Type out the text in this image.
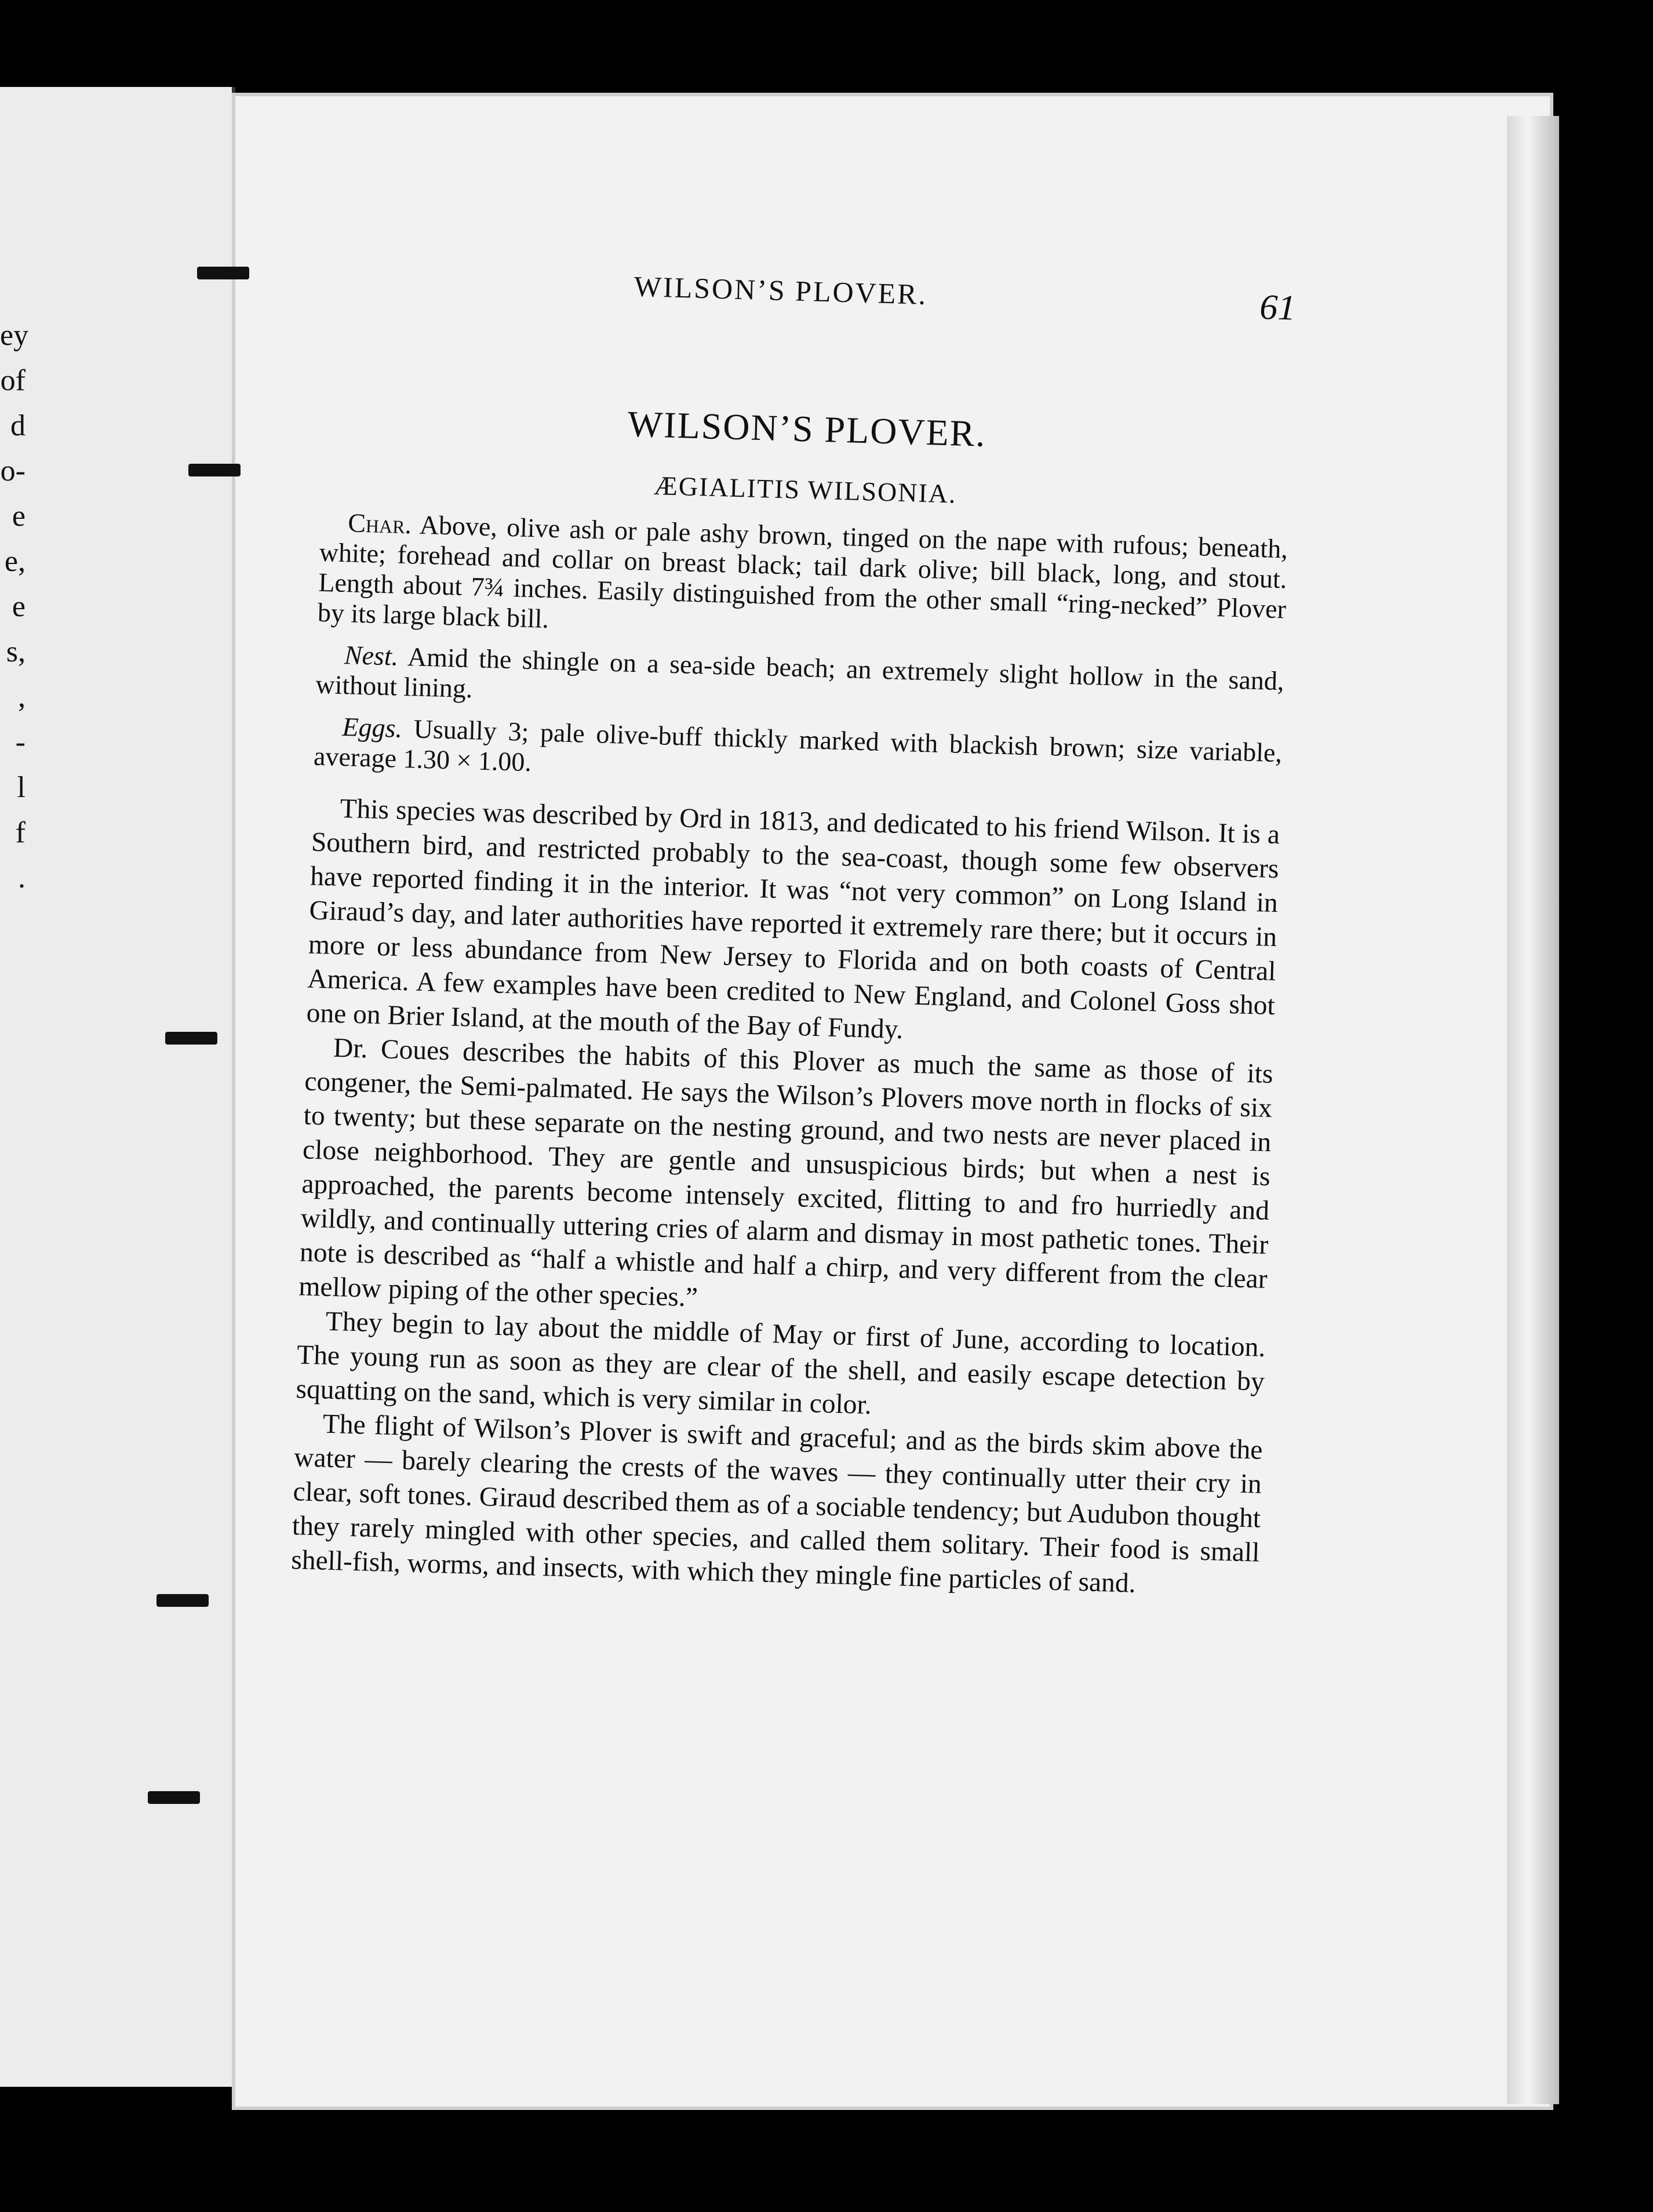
ey
of
d
o-
e
e,
e
s,
,
-
l
f
.
WILSON’S PLOVER.	61
WILSON’S PLOVER.
ÆGIALITIS WILSONIA.

Char. Above, olive ash or pale ashy brown, tinged on the nape with rufous; beneath, white; forehead and collar on breast black; tail dark olive; bill black, long, and stout. Length about 7¾ inches. Easily distinguished from the other small “ring-necked” Plover by its large black bill.

Nest. Amid the shingle on a sea-side beach; an extremely slight hollow in the sand, without lining.

Eggs. Usually 3; pale olive-buff thickly marked with blackish brown; size variable, average 1.30 × 1.00.

This species was described by Ord in 1813, and dedicated to his friend Wilson. It is a Southern bird, and restricted probably to the sea-coast, though some few observers have reported finding it in the interior. It was “not very common” on Long Island in Giraud’s day, and later authorities have reported it extremely rare there; but it occurs in more or less abundance from New Jersey to Florida and on both coasts of Central America. A few examples have been credited to New England, and Colonel Goss shot one on Brier Island, at the mouth of the Bay of Fundy.

Dr. Coues describes the habits of this Plover as much the same as those of its congener, the Semi-palmated. He says the Wilson’s Plovers move north in flocks of six to twenty; but these separate on the nesting ground, and two nests are never placed in close neighborhood. They are gentle and unsuspicious birds; but when a nest is approached, the parents become intensely excited, flitting to and fro hurriedly and wildly, and continually uttering cries of alarm and dismay in most pathetic tones. Their note is described as “half a whistle and half a chirp, and very different from the clear mellow piping of the other species.”

They begin to lay about the middle of May or first of June, according to location. The young run as soon as they are clear of the shell, and easily escape detection by squatting on the sand, which is very similar in color.

The flight of Wilson’s Plover is swift and graceful; and as the birds skim above the water — barely clearing the crests of the waves — they continually utter their cry in clear, soft tones. Giraud described them as of a sociable tendency; but Audubon thought they rarely mingled with other species, and called them solitary. Their food is small shell-fish, worms, and insects, with which they mingle fine particles of sand.
